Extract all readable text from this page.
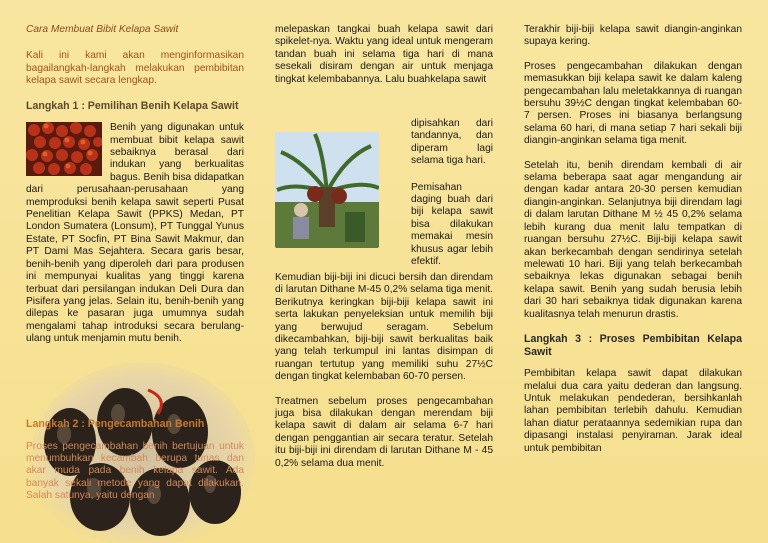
Cara Membuat Bibit Kelapa Sawit

Kali ini kami akan menginformasikan bagailangkah-langkah melakukan pembibitan kelapa sawit secara lengkap.

Langkah 1 : Pemilihan Benih Kelapa Sawit

Benih yang digunakan untuk membuat bibit kelapa sawit sebaiknya berasal dari indukan yang berkualitas bagus. Benih bisa didapatkan dari perusahaan-perusahaan yang memproduksi benih kelapa sawit seperti Pusat Penelitian Kelapa Sawit (PPKS) Medan, PT London Sumatera (Lonsum), PT Tunggal Yunus Estate, PT Socfin, PT Bina Sawit Makmur, dan PT Dami Mas Sejahtera. Secara garis besar, benih-benih yang diperoleh dari para produsen ini mempunyai kualitas yang tinggi karena terbuat dari persilangan indukan Deli Dura dan Pisifera yang jelas. Selain itu, benih-benih yang dilepas ke pasaran juga umumnya sudah mengalami tahap introduksi secara berulang-ulang untuk menjamin mutu benih.

Langkah 2 : Pengecambahan Benih

Proses pengecambahan benih bertujuan untuk menumbuhkan kecambah berupa tunas dan akar muda pada benih kelapa sawit. Ada banyak sekali metode yang dapat dilakukan. Salah satunya, yaitu dengan

melepaskan tangkai buah kelapa sawit dari spikelet-nya. Waktu yang ideal untuk mengeram tandan buah ini selama tiga hari di mana sesekali disiram dengan air untuk menjaga tingkat kelembabannya. Lalu buahkelapa sawit

dipisahkan dari tandannya, dan diperam lagi selama tiga hari.

Pemisahan daging buah dari biji kelapa sawit bisa dilakukan memakai mesin khusus agar lebih efektif.

Kemudian biji-biji ini dicuci bersih dan direndam di larutan Dithane M-45 0,2% selama tiga menit. Berikutnya keringkan biji-biji kelapa sawit ini serta lakukan penyeleksian untuk memilih biji yang berwujud seragam. Sebelum dikecambahkan, biji-biji sawit berkualitas baik yang telah terkumpul ini lantas disimpan di ruangan tertutup yang memiliki suhu 27½C dengan tingkat kelembaban 60-70 persen.

Treatmen sebelum proses pengecambahan juga bisa dilakukan dengan merendam biji kelapa sawit di dalam air selama 6-7 hari dengan penggantian air secara teratur. Setelah itu biji-biji ini direndam di larutan Dithane M - 45 0,2% selama dua menit.

Terakhir biji-biji kelapa sawit diangin-anginkan supaya kering.

Proses pengecambahan dilakukan dengan memasukkan biji kelapa sawit ke dalam kaleng pengecambahan lalu meletakkannya di ruangan bersuhu 39½C dengan tingkat kelembaban 60-7 persen. Proses ini biasanya berlangsung selama 60 hari, di mana setiap 7 hari sekali biji diangin-anginkan selama tiga menit.

Setelah itu, benih direndam kembali di air selama beberapa saat agar mengandung air dengan kadar antara 20-30 persen kemudian diangin-anginkan. Selanjutnya biji direndam lagi di dalam larutan Dithane M ½ 45 0,2% selama lebih kurang dua menit lalu tempatkan di ruangan bersuhu 27½C. Biji-biji kelapa sawit akan berkecambah dengan sendirinya setelah melewati 10 hari. Biji yang telah berkecambah sebaiknya lekas digunakan sebagai benih kelapa sawit. Benih yang sudah berusia lebih dari 30 hari sebaiknya tidak digunakan karena kualitasnya telah menurun drastis.

Langkah 3 : Proses Pembibitan Kelapa Sawit

Pembibitan kelapa sawit dapat dilakukan melalui dua cara yaitu dederan dan langsung. Untuk melakukan pendederan, bersihkanlah lahan pembibitan terlebih dahulu. Kemudian lahan diatur perataannya sedemikian rupa dan dipasangi instalasi penyiraman. Jarak ideal untuk pembibitan
